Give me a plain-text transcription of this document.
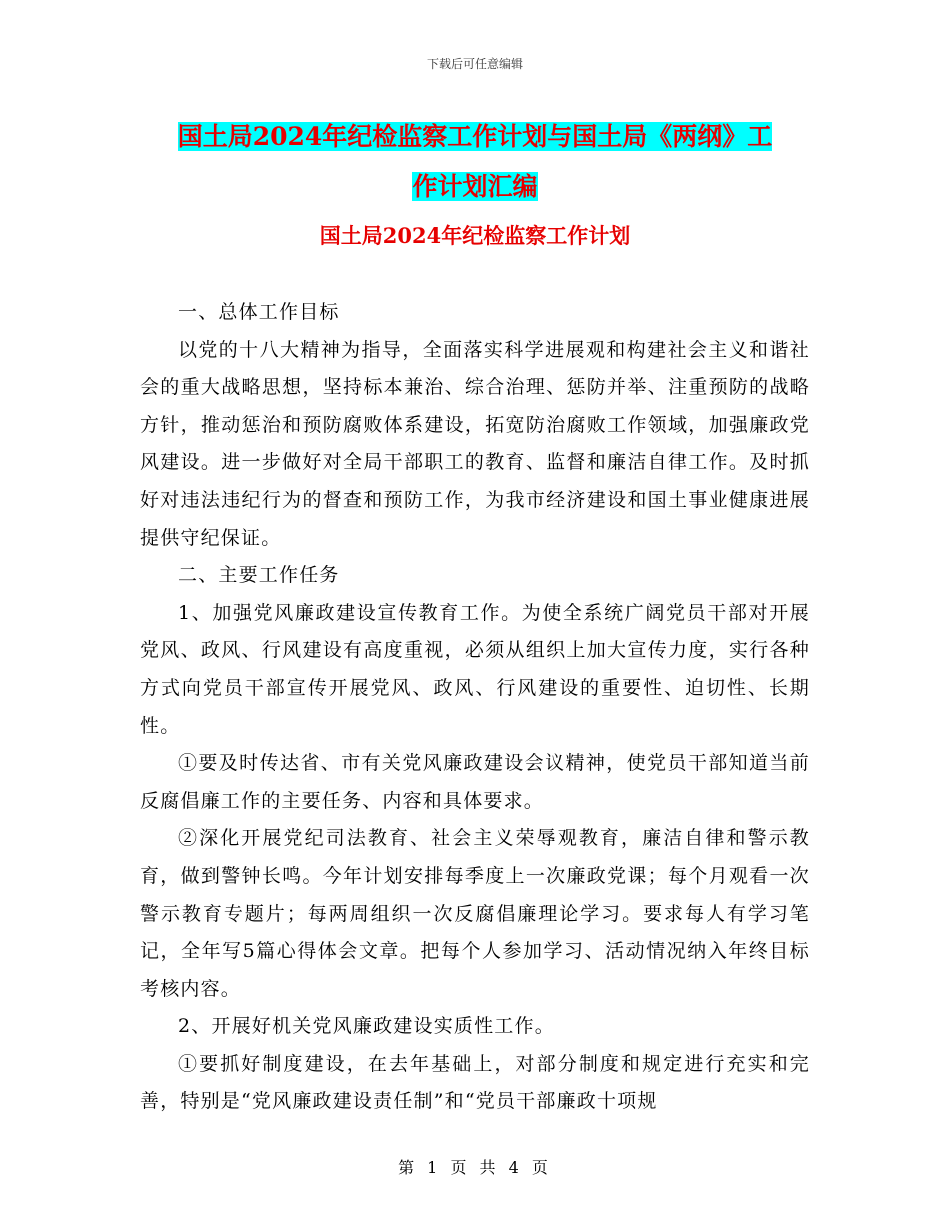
下载后可任意编辑
国土局2024年纪检监察工作计划与国土局《两纲》工
作计划汇编
国土局2024年纪检监察工作计划

一、总体工作目标

以党的十八大精神为指导，全面落实科学进展观和构建社会主义和谐社会的重大战略思想，坚持标本兼治、综合治理、惩防并举、注重预防的战略方针，推动惩治和预防腐败体系建设，拓宽防治腐败工作领域，加强廉政党风建设。进一步做好对全局干部职工的教育、监督和廉洁自律工作。及时抓好对违法违纪行为的督查和预防工作，为我市经济建设和国土事业健康进展提供守纪保证。

二、主要工作任务

1、加强党风廉政建设宣传教育工作。为使全系统广阔党员干部对开展党风、政风、行风建设有高度重视，必须从组织上加大宣传力度，实行各种方式向党员干部宣传开展党风、政风、行风建设的重要性、迫切性、长期性。

①要及时传达省、市有关党风廉政建设会议精神，使党员干部知道当前反腐倡廉工作的主要任务、内容和具体要求。

②深化开展党纪司法教育、社会主义荣辱观教育，廉洁自律和警示教育，做到警钟长鸣。今年计划安排每季度上一次廉政党课；每个月观看一次警示教育专题片；每两周组织一次反腐倡廉理论学习。要求每人有学习笔记，全年写5篇心得体会文章。把每个人参加学习、活动情况纳入年终目标考核内容。

2、开展好机关党风廉政建设实质性工作。

①要抓好制度建设，在去年基础上，对部分制度和规定进行充实和完善，特别是“党风廉政建设责任制”和“党员干部廉政十项规

第 1 页 共 4 页
